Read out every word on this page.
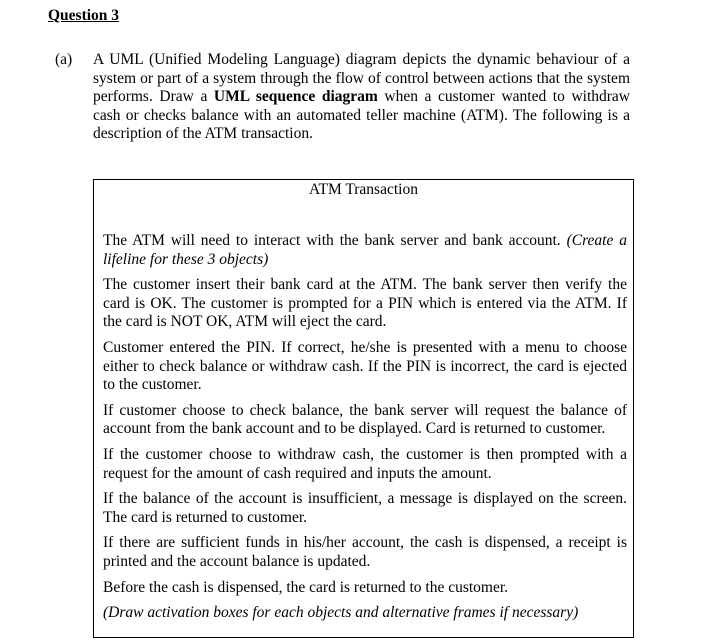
Question 3
(a) A UML (Unified Modeling Language) diagram depicts the dynamic behaviour of a system or part of a system through the flow of control between actions that the system performs. Draw a UML sequence diagram when a customer wanted to withdraw cash or checks balance with an automated teller machine (ATM). The following is a description of the ATM transaction.
ATM Transaction

The ATM will need to interact with the bank server and bank account. (Create a lifeline for these 3 objects)

The customer insert their bank card at the ATM. The bank server then verify the card is OK. The customer is prompted for a PIN which is entered via the ATM. If the card is NOT OK, ATM will eject the card.

Customer entered the PIN. If correct, he/she is presented with a menu to choose either to check balance or withdraw cash. If the PIN is incorrect, the card is ejected to the customer.

If customer choose to check balance, the bank server will request the balance of account from the bank account and to be displayed. Card is returned to customer.

If the customer choose to withdraw cash, the customer is then prompted with a request for the amount of cash required and inputs the amount.

If the balance of the account is insufficient, a message is displayed on the screen. The card is returned to customer.

If there are sufficient funds in his/her account, the cash is dispensed, a receipt is printed and the account balance is updated.

Before the cash is dispensed, the card is returned to the customer.

(Draw activation boxes for each objects and alternative frames if necessary)
